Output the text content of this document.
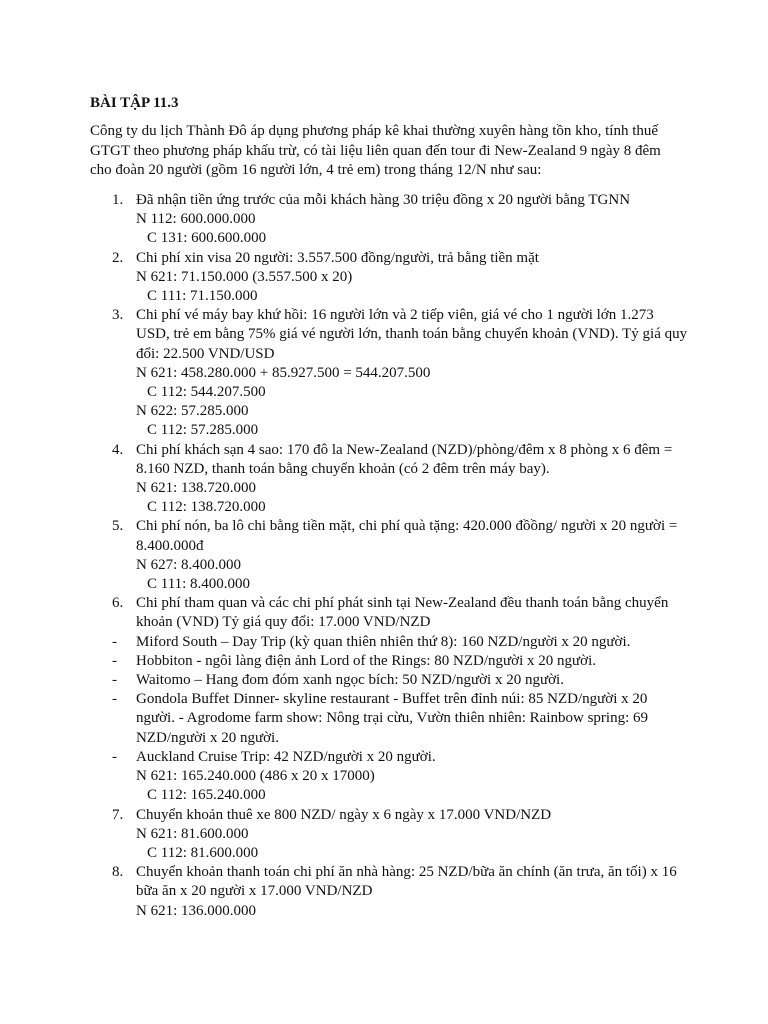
BÀI TẬP 11.3

Công ty du lịch Thành Đô áp dụng phương pháp kê khai thường xuyên hàng tồn kho, tính thuế GTGT theo phương pháp khấu trừ, có tài liệu liên quan đến tour đi New-Zealand 9 ngày 8 đêm cho đoàn 20 người (gồm 16 người lớn, 4 trẻ em) trong tháng 12/N như sau:

1. Đã nhận tiền ứng trước của mỗi khách hàng 30 triệu đồng x 20 người bằng TGNN
N 112: 600.000.000
C 131: 600.600.000
2. Chi phí xin visa 20 người: 3.557.500 đồng/người, trả bằng tiền mặt
N 621: 71.150.000 (3.557.500 x 20)
C 111: 71.150.000
3. Chi phí vé máy bay khứ hồi: 16 người lớn và 2 tiếp viên, giá vé cho 1 người lớn 1.273 USD, trẻ em bằng 75% giá vé người lớn, thanh toán bằng chuyển khoản (VND). Tỷ giá quy đổi: 22.500 VND/USD
N 621: 458.280.000 + 85.927.500 = 544.207.500
C 112: 544.207.500
N 622: 57.285.000
C 112: 57.285.000
4. Chi phí khách sạn 4 sao: 170 đô la New-Zealand (NZD)/phòng/đêm x 8 phòng x 6 đêm = 8.160 NZD, thanh toán bằng chuyển khoản (có 2 đêm trên máy bay).
N 621: 138.720.000
C 112: 138.720.000
5. Chi phí nón, ba lô chi bằng tiền mặt, chi phí quà tặng: 420.000 đồồng/ người x 20 người = 8.400.000đ
N 627: 8.400.000
C 111: 8.400.000
6. Chi phí tham quan và các chi phí phát sinh tại New-Zealand đều thanh toán bằng chuyển khoản (VND) Tỷ giá quy đổi: 17.000 VND/NZD
- Miford South – Day Trip (kỳ quan thiên nhiên thứ 8): 160 NZD/người x 20 người.
- Hobbiton - ngôi làng điện ảnh Lord of the Rings: 80 NZD/người x 20 người.
- Waitomo – Hang đom đóm xanh ngọc bích: 50 NZD/người x 20 người.
- Gondola Buffet Dinner- skyline restaurant - Buffet trên đỉnh núi: 85 NZD/người x 20 người. - Agrodome farm show: Nông trại cừu, Vườn thiên nhiên: Rainbow spring: 69 NZD/người x 20 người.
- Auckland Cruise Trip: 42 NZD/người x 20 người.
N 621: 165.240.000 (486 x 20 x 17000)
C 112: 165.240.000
7. Chuyển khoản thuê xe 800 NZD/ ngày x 6 ngày x 17.000 VND/NZD
N 621: 81.600.000
C 112: 81.600.000
8. Chuyển khoản thanh toán chi phí ăn nhà hàng: 25 NZD/bữa ăn chính (ăn trưa, ăn tối) x 16 bữa ăn x 20 người x 17.000 VND/NZD
N 621: 136.000.000
